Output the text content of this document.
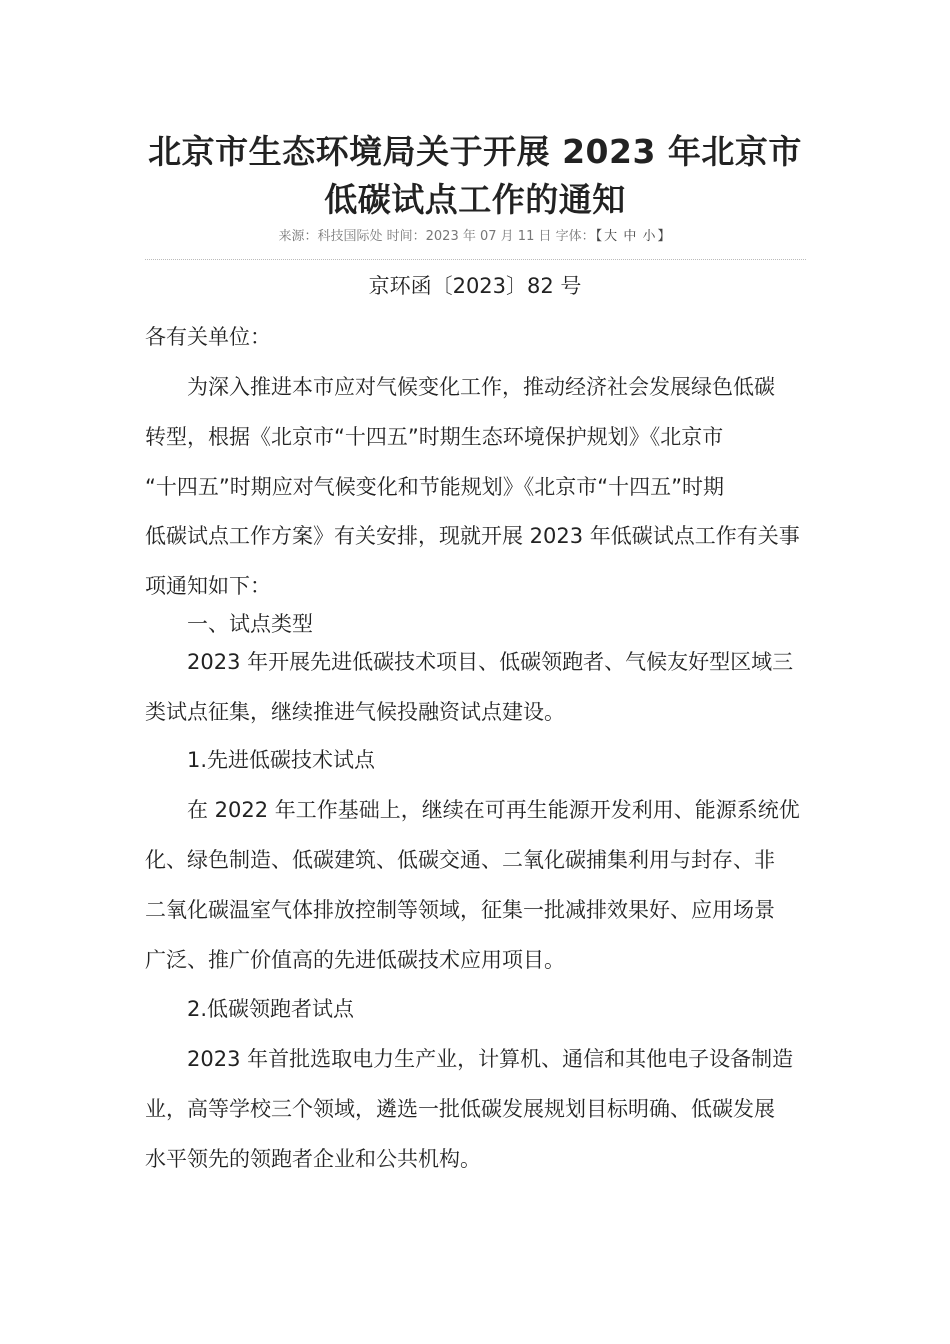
北京市生态环境局关于开展 2023 年北京市
低碳试点工作的通知
来源：科技国际处 时间：2023 年 07 月 11 日 字体：【 大 中 小 】
京环函〔2023〕82 号
各有关单位：
为深入推进本市应对气候变化工作，推动经济社会发展绿色低碳
转型，根据《北京市“十四五”时期生态环境保护规划》《北京市
“十四五”时期应对气候变化和节能规划》《北京市“十四五”时期
低碳试点工作方案》有关安排，现就开展 2023 年低碳试点工作有关事
项通知如下：
一、试点类型
2023 年开展先进低碳技术项目、低碳领跑者、气候友好型区域三
类试点征集，继续推进气候投融资试点建设。
1.先进低碳技术试点
在 2022 年工作基础上，继续在可再生能源开发利用、能源系统优
化、绿色制造、低碳建筑、低碳交通、二氧化碳捕集利用与封存、非
二氧化碳温室气体排放控制等领域，征集一批减排效果好、应用场景
广泛、推广价值高的先进低碳技术应用项目。
2.低碳领跑者试点
2023 年首批选取电力生产业，计算机、通信和其他电子设备制造
业，高等学校三个领域，遴选一批低碳发展规划目标明确、低碳发展
水平领先的领跑者企业和公共机构。
